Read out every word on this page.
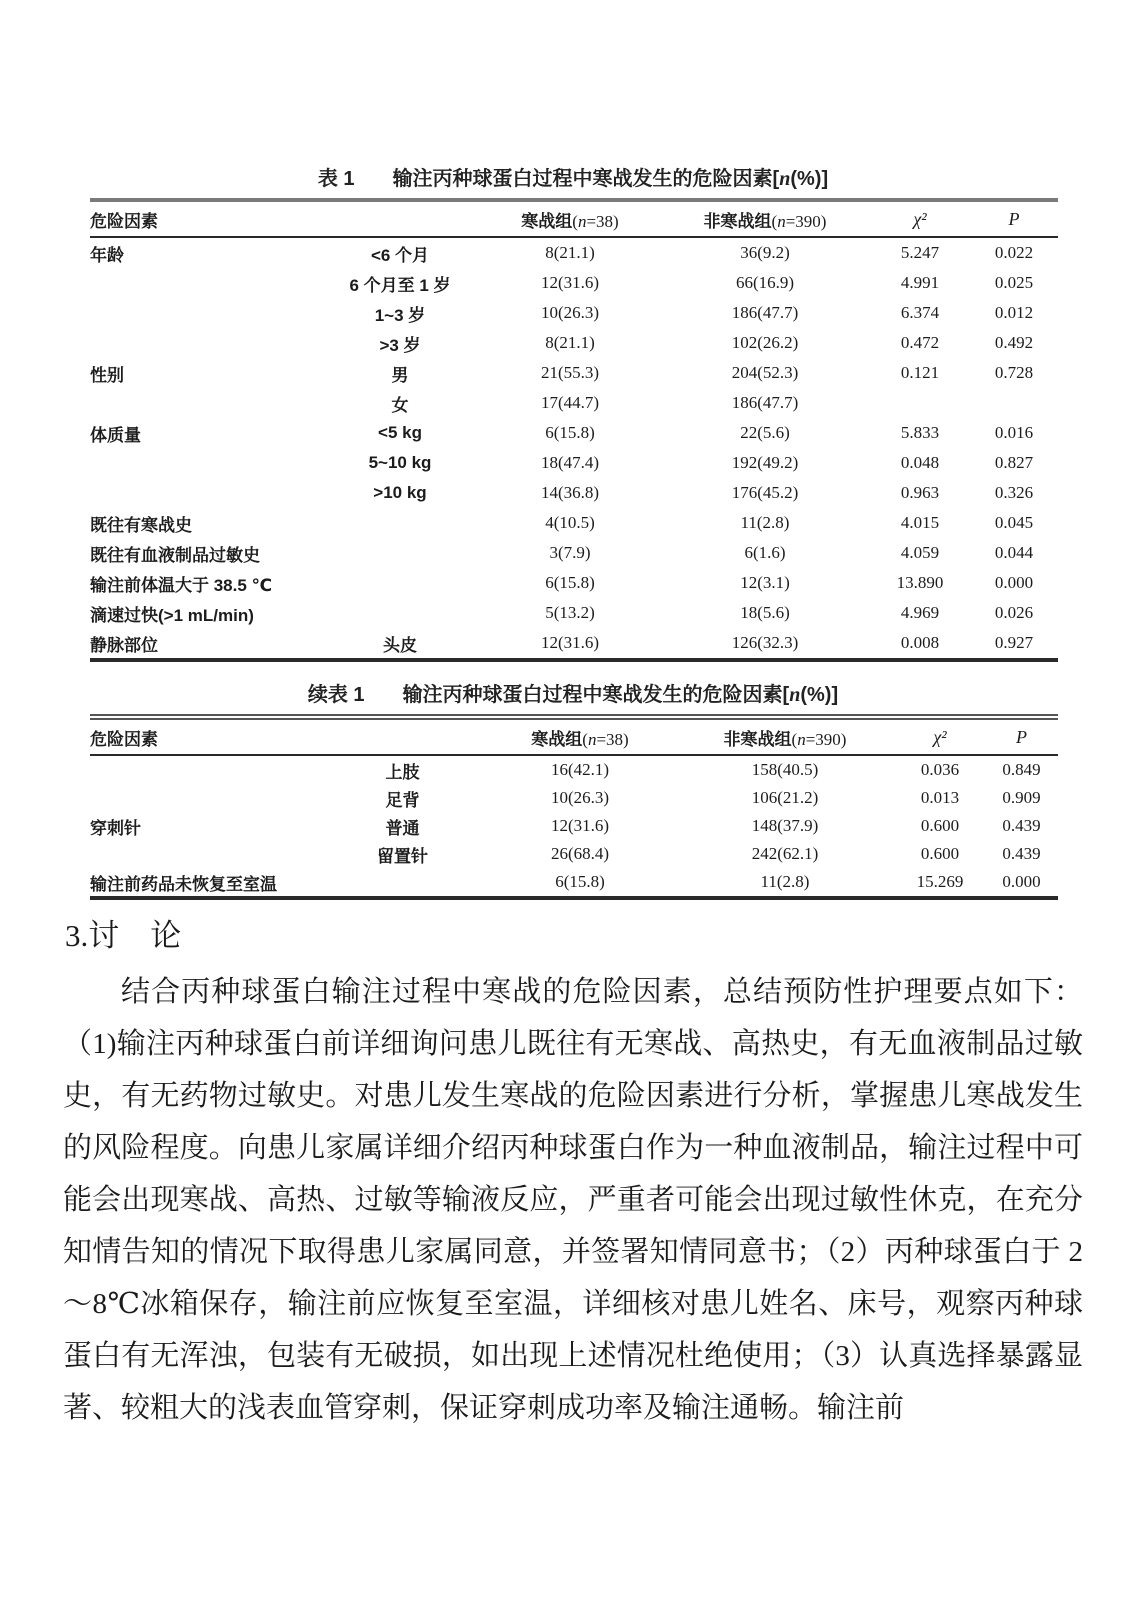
表 1 输注丙种球蛋白过程中寒战发生的危险因素[n(%)]
危险因素		寒战组(n=38)	非寒战组(n=390)	χ²	P
年龄	<6 个月	8(21.1)	36(9.2)	5.247	0.022
	6 个月至 1 岁	12(31.6)	66(16.9)	4.991	0.025
	1~3 岁	10(26.3)	186(47.7)	6.374	0.012
	>3 岁	8(21.1)	102(26.2)	0.472	0.492
性别	男	21(55.3)	204(52.3)	0.121	0.728
	女	17(44.7)	186(47.7)		
体质量	<5 kg	6(15.8)	22(5.6)	5.833	0.016
	5~10 kg	18(47.4)	192(49.2)	0.048	0.827
	>10 kg	14(36.8)	176(45.2)	0.963	0.326
既往有寒战史		4(10.5)	11(2.8)	4.015	0.045
既往有血液制品过敏史		3(7.9)	6(1.6)	4.059	0.044
输注前体温大于 38.5 ℃		6(15.8)	12(3.1)	13.890	0.000
滴速过快(>1 mL/min)		5(13.2)	18(5.6)	4.969	0.026
静脉部位	头皮	12(31.6)	126(32.3)	0.008	0.927
续表 1 输注丙种球蛋白过程中寒战发生的危险因素[n(%)]
危险因素		寒战组(n=38)	非寒战组(n=390)	χ²	P
	上肢	16(42.1)	158(40.5)	0.036	0.849
	足背	10(26.3)	106(21.2)	0.013	0.909
穿刺针	普通	12(31.6)	148(37.9)	0.600	0.439
	留置针	26(68.4)	242(62.1)	0.600	0.439
输注前药品未恢复至室温		6(15.8)	11(2.8)	15.269	0.000
3.讨　论

结合丙种球蛋白输注过程中寒战的危险因素，总结预防性护理要点如下：（1)输注丙种球蛋白前详细询问患儿既往有无寒战、高热史，有无血液制品过敏史，有无药物过敏史。对患儿发生寒战的危险因素进行分析，掌握患儿寒战发生的风险程度。向患儿家属详细介绍丙种球蛋白作为一种血液制品，输注过程中可能会出现寒战、高热、过敏等输液反应，严重者可能会出现过敏性休克，在充分知情告知的情况下取得患儿家属同意，并签署知情同意书；（2）丙种球蛋白于 2～8℃冰箱保存，输注前应恢复至室温，详细核对患儿姓名、床号，观察丙种球蛋白有无浑浊，包装有无破损，如出现上述情况杜绝使用；（3）认真选择暴露显著、较粗大的浅表血管穿刺，保证穿刺成功率及输注通畅。输注前
